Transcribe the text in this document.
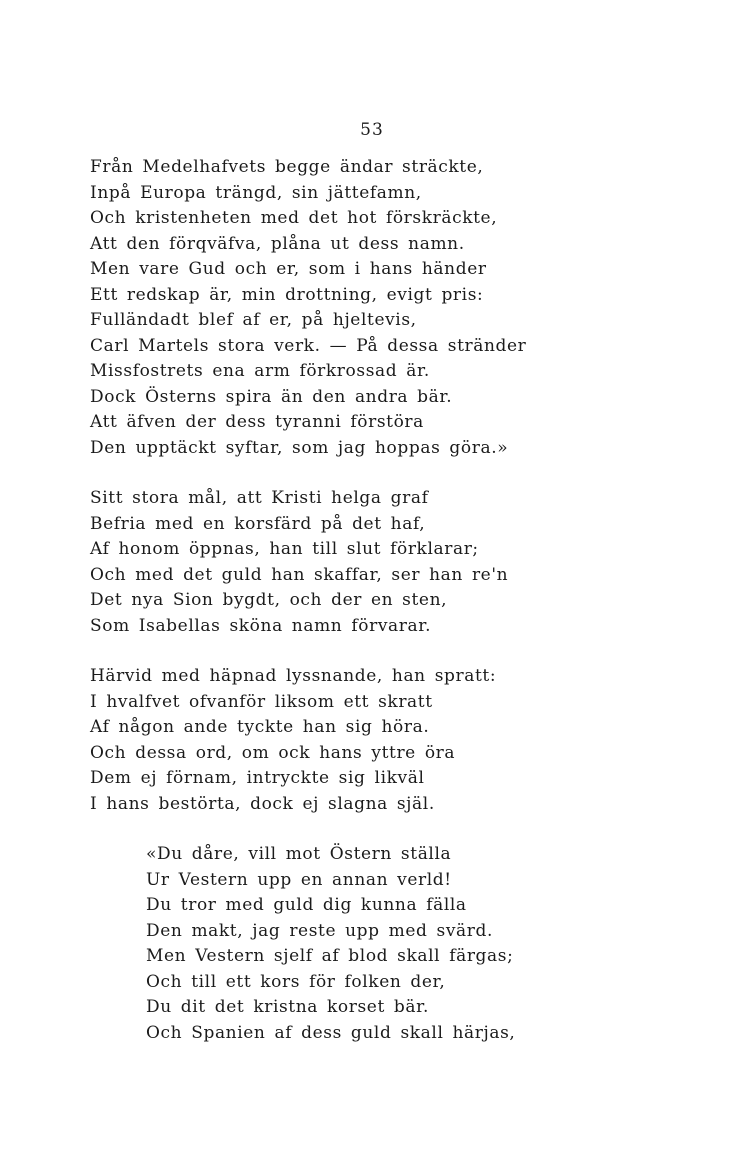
53
Från Medelhafvets begge ändar sträckte,
Inpå Europa trängd, sin jättefamn,
Och kristenheten med det hot förskräckte,
Att den förqväfva, plåna ut dess namn.
Men vare Gud och er, som i hans händer
Ett redskap är, min drottning, evigt pris:
Fulländadt blef af er, på hjeltevis,
Carl Martels stora verk. — På dessa stränder
Missfostrets ena arm förkrossad är.
Dock Österns spira än den andra bär.
Att äfven der dess tyranni förstöra
Den upptäckt syftar, som jag hoppas göra.»
Sitt stora mål, att Kristi helga graf
Befria med en korsfärd på det haf,
Af honom öppnas, han till slut förklarar;
Och med det guld han skaffar, ser han re'n
Det nya Sion bygdt, och der en sten,
Som Isabellas sköna namn förvarar.
Härvid med häpnad lyssnande, han spratt:
I hvalfvet ofvanför liksom ett skratt
Af någon ande tyckte han sig höra.
Och dessa ord, om ock hans yttre öra
Dem ej förnam, intryckte sig likväl
I hans bestörta, dock ej slagna själ.
«Du dåre, vill mot Östern ställa
Ur Vestern upp en annan verld!
Du tror med guld dig kunna fälla
Den makt, jag reste upp med svärd.
Men Vestern sjelf af blod skall färgas;
Och till ett kors för folken der,
Du dit det kristna korset bär.
Och Spanien af dess guld skall härjas,
